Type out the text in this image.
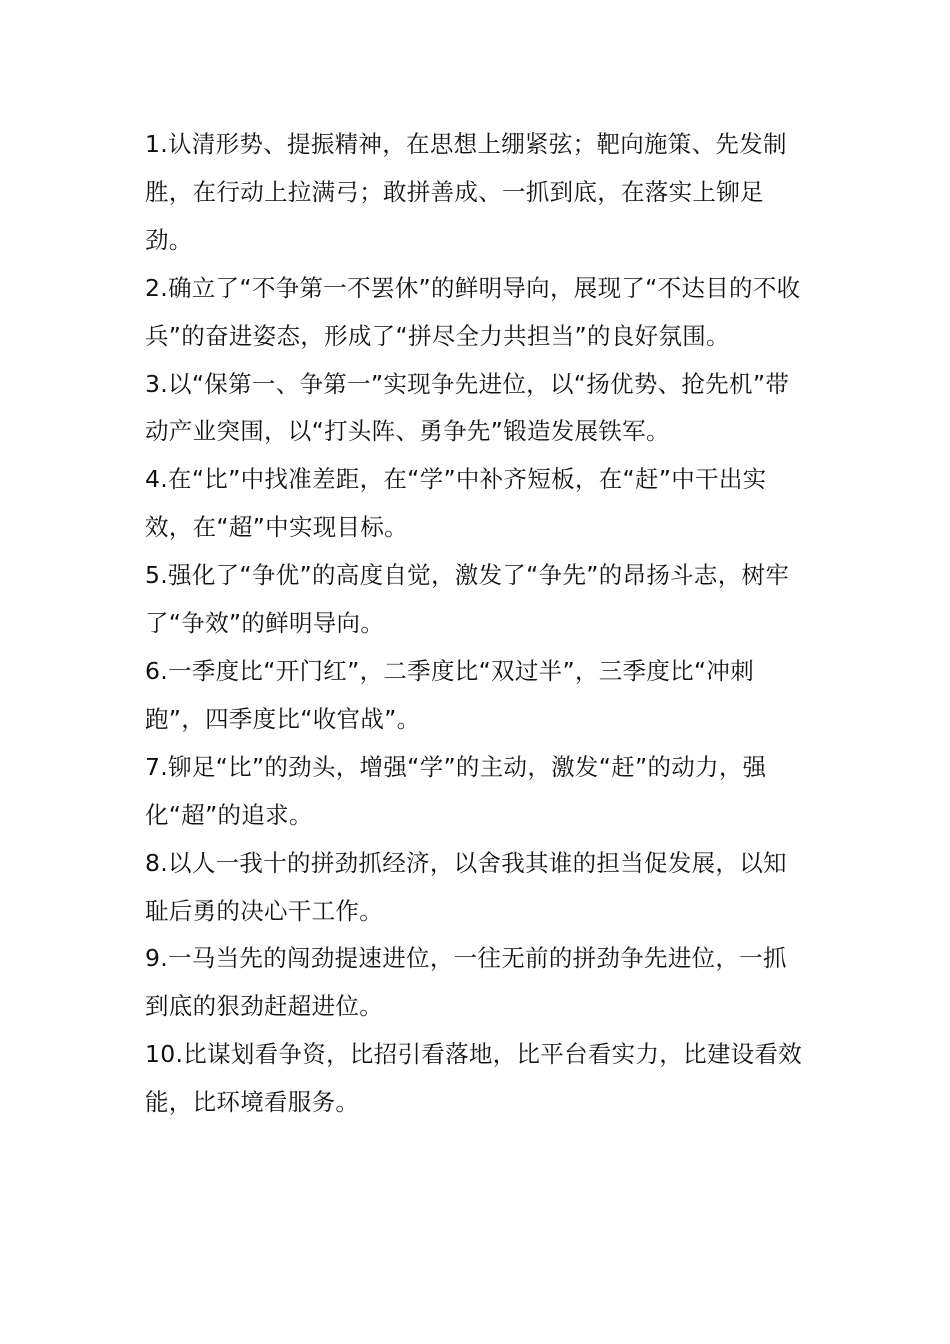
1.认清形势、提振精神，在思想上绷紧弦；靶向施策、先发制胜，在行动上拉满弓；敢拼善成、一抓到底，在落实上铆足劲。

2.确立了“不争第一不罢休”的鲜明导向，展现了“不达目的不收兵”的奋进姿态，形成了“拼尽全力共担当”的良好氛围。

3.以“保第一、争第一”实现争先进位，以“扬优势、抢先机”带动产业突围，以“打头阵、勇争先”锻造发展铁军。

4.在“比”中找准差距，在“学”中补齐短板，在“赶”中干出实效，在“超”中实现目标。

5.强化了“争优”的高度自觉，激发了“争先”的昂扬斗志，树牢了“争效”的鲜明导向。

6.一季度比“开门红”，二季度比“双过半”，三季度比“冲刺跑”，四季度比“收官战”。

7.铆足“比”的劲头，增强“学”的主动，激发“赶”的动力，强化“超”的追求。

8.以人一我十的拼劲抓经济，以舍我其谁的担当促发展，以知耻后勇的决心干工作。

9.一马当先的闯劲提速进位，一往无前的拼劲争先进位，一抓到底的狠劲赶超进位。

10.比谋划看争资，比招引看落地，比平台看实力，比建设看效能，比环境看服务。
